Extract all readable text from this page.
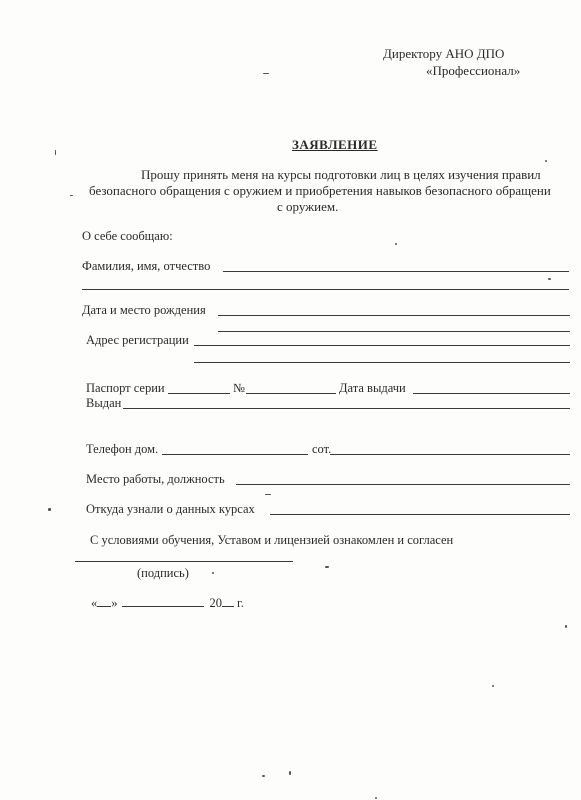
Директору АНО ДПО
«Профессионал»
ЗАЯВЛЕНИЕ
Прошу принять меня на курсы подготовки лиц в целях изучения правил
безопасного обращения с оружием и приобретения навыков безопасного обращени
с оружием.
О себе сообщаю:
Фамилия, имя, отчество
Дата и место рождения
Адрес регистрации
Паспорт серии	№	Дата выдачи
Выдан
Телефон дом.	сот.
Место работы, должность
Откуда узнали о данных курсах
С условиями обучения, Уставом и лицензией ознакомлен и согласен
(подпись)
« »	20 г.
